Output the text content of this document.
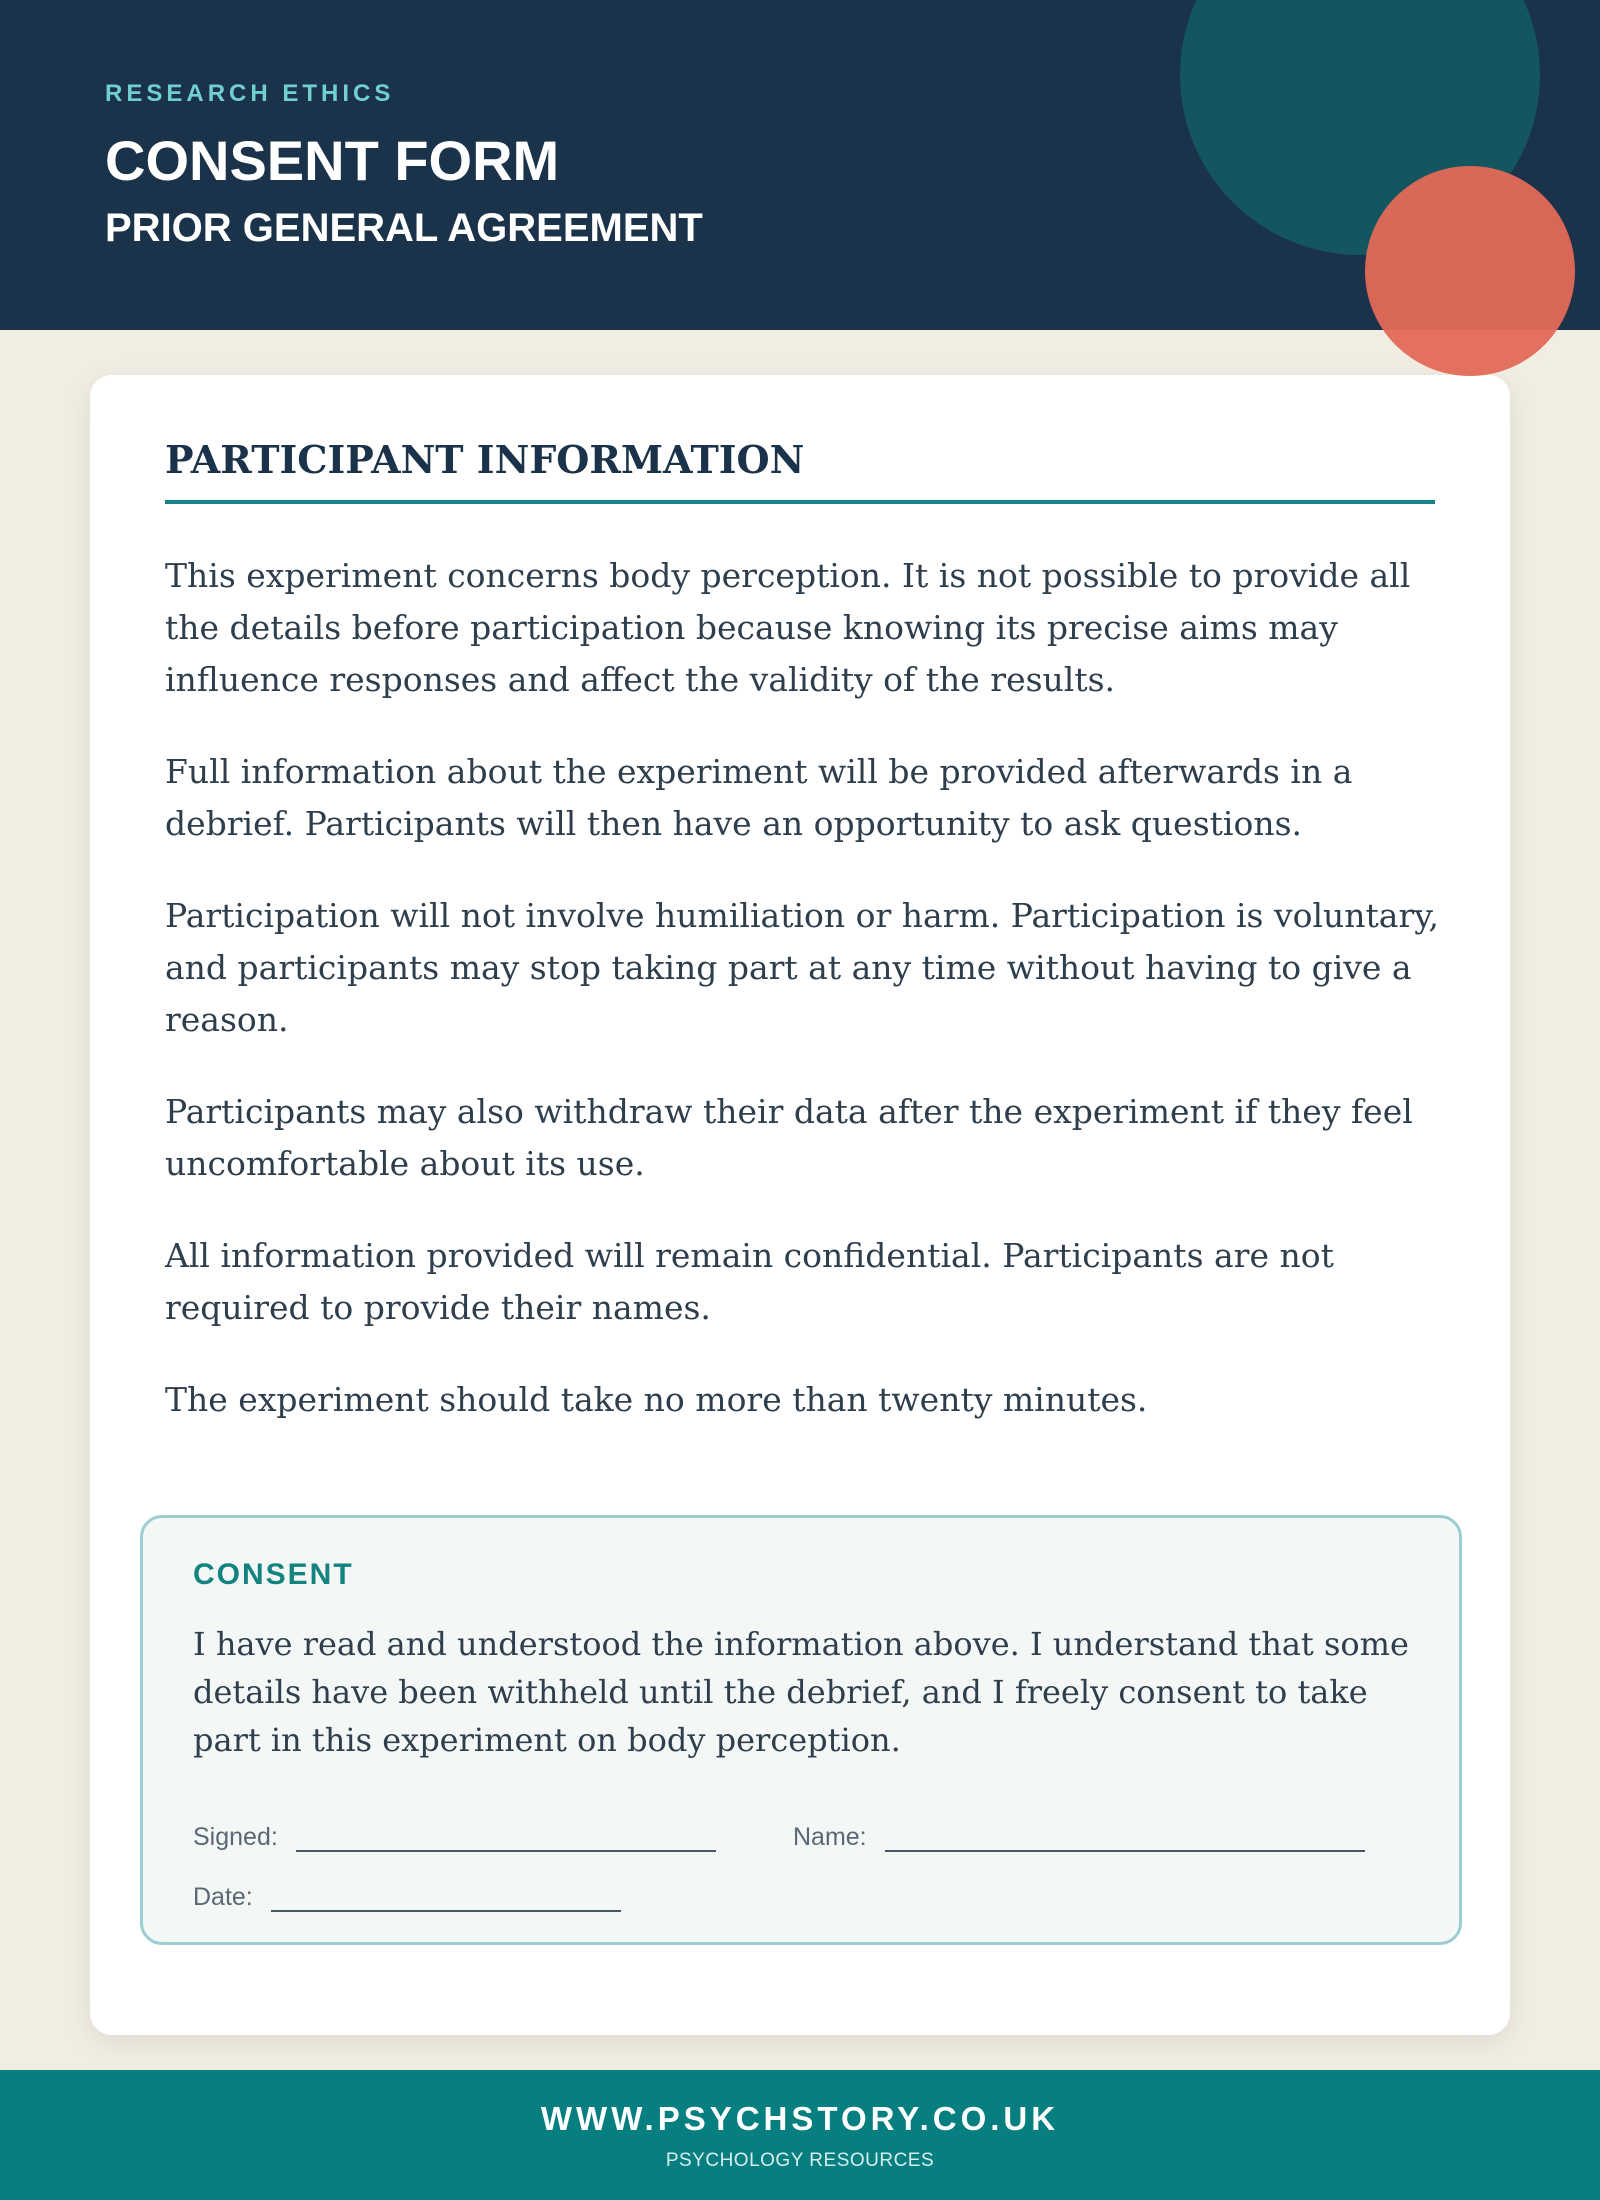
RESEARCH ETHICS
CONSENT FORM
PRIOR GENERAL AGREEMENT
PARTICIPANT INFORMATION

This experiment concerns body perception. It is not possible to provide all the details before participation because knowing its precise aims may influence responses and affect the validity of the results.

Full information about the experiment will be provided afterwards in a debrief. Participants will then have an opportunity to ask questions.

Participation will not involve humiliation or harm. Participation is voluntary, and participants may stop taking part at any time without having to give a reason.

Participants may also withdraw their data after the experiment if they feel uncomfortable about its use.

All information provided will remain confidential. Participants are not required to provide their names.

The experiment should take no more than twenty minutes.

CONSENT
I have read and understood the information above. I understand that some details have been withheld until the debrief, and I freely consent to take part in this experiment on body perception.
Signed:	Name:
Date:
WWW.PSYCHSTORY.CO.UK
PSYCHOLOGY RESOURCES
